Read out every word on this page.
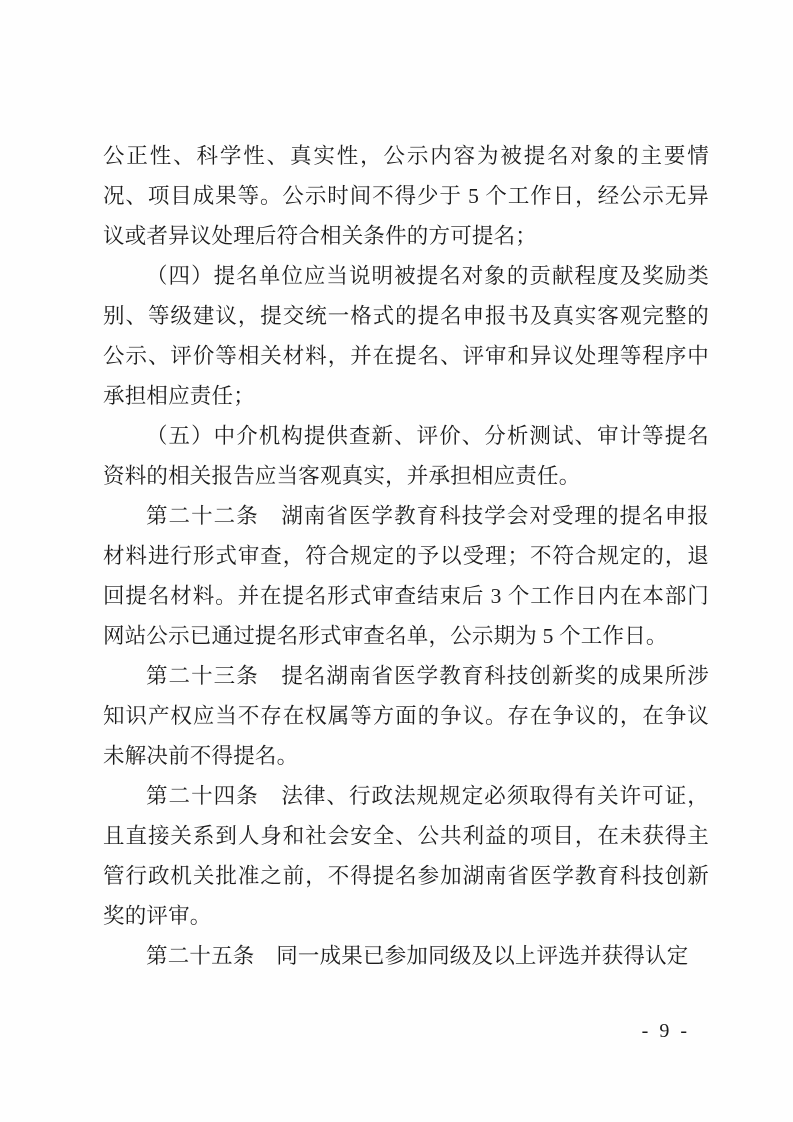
公正性、科学性、真实性，公示内容为被提名对象的主要情况、项目成果等。公示时间不得少于 5 个工作日，经公示无异议或者异议处理后符合相关条件的方可提名；

（四）提名单位应当说明被提名对象的贡献程度及奖励类别、等级建议，提交统一格式的提名申报书及真实客观完整的公示、评价等相关材料，并在提名、评审和异议处理等程序中承担相应责任；

（五）中介机构提供查新、评价、分析测试、审计等提名资料的相关报告应当客观真实，并承担相应责任。

第二十二条　湖南省医学教育科技学会对受理的提名申报材料进行形式审查，符合规定的予以受理；不符合规定的，退回提名材料。并在提名形式审查结束后 3 个工作日内在本部门网站公示已通过提名形式审查名单，公示期为 5 个工作日。

第二十三条　提名湖南省医学教育科技创新奖的成果所涉知识产权应当不存在权属等方面的争议。存在争议的，在争议未解决前不得提名。

第二十四条　法律、行政法规规定必须取得有关许可证，且直接关系到人身和社会安全、公共利益的项目，在未获得主管行政机关批准之前，不得提名参加湖南省医学教育科技创新奖的评审。

第二十五条　同一成果已参加同级及以上评选并获得认定

- 9 -
